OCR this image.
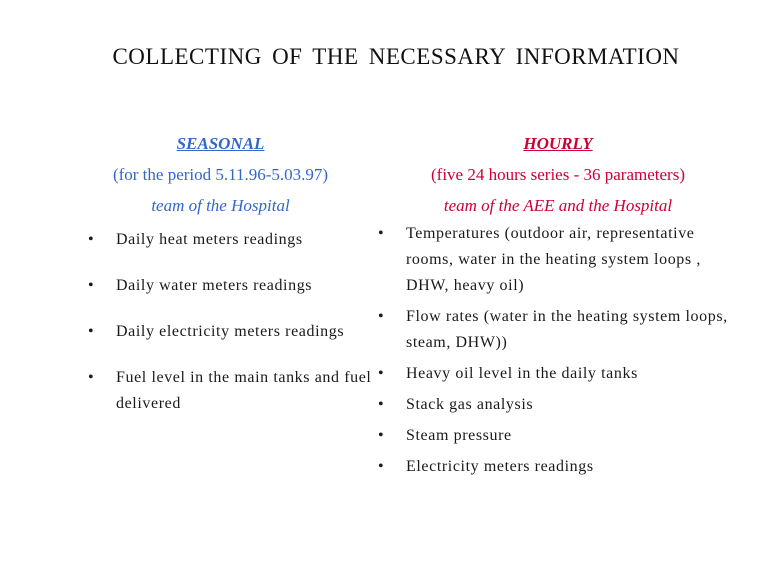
COLLECTING OF THE NECESSARY INFORMATION
SEASONAL
(for the period 5.11.96-5.03.97)
team of the Hospital
•	Daily heat meters readings
•	Daily water meters readings
•	Daily electricity meters readings
•	Fuel level in the main tanks and fuel delivered
HOURLY
(five 24 hours series - 36 parameters)
team of the AEE and the Hospital
•	Temperatures (outdoor air, representative rooms, water in the heating system loops , DHW, heavy oil)
•	Flow rates (water in the heating system loops, steam, DHW))
•	Heavy oil level in the daily tanks
•	Stack gas analysis
•	Steam pressure
•	Electricity meters readings
